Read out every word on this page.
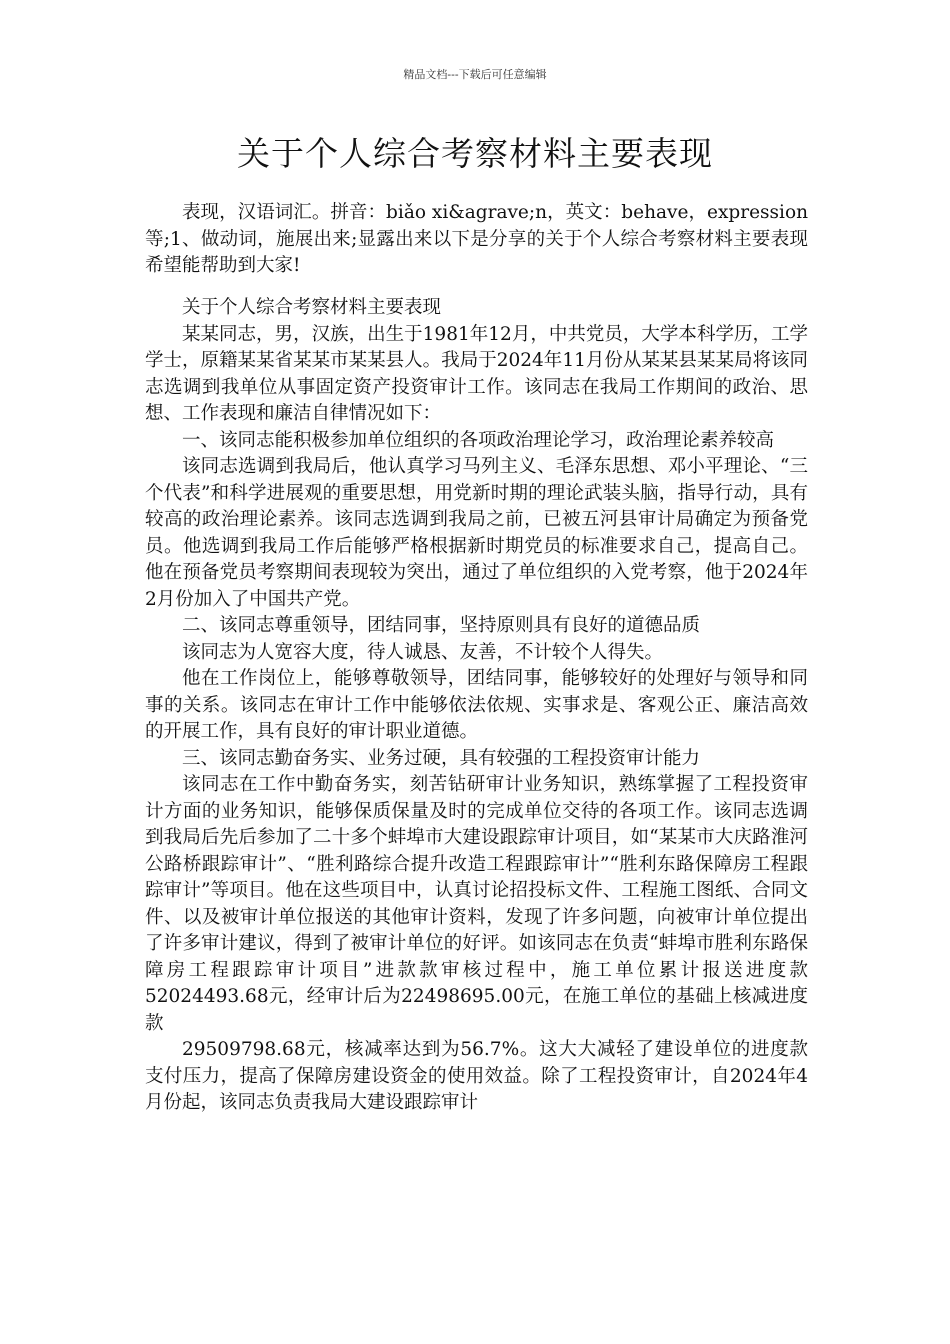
精品文档---下载后可任意编辑
关于个人综合考察材料主要表现

表现，汉语词汇。拼音：biǎo xi&agrave;n，英文：behave，expression等;1、做动词，施展出来;显露出来以下是分享的关于个人综合考察材料主要表现希望能帮助到大家!

关于个人综合考察材料主要表现

某某同志，男，汉族，出生于1981年12月，中共党员，大学本科学历，工学学士，原籍某某省某某市某某县人。我局于2024年11月份从某某县某某局将该同志选调到我单位从事固定资产投资审计工作。该同志在我局工作期间的政治、思想、工作表现和廉洁自律情况如下：

一、该同志能积极参加单位组织的各项政治理论学习，政治理论素养较高

该同志选调到我局后，他认真学习马列主义、毛泽东思想、邓小平理论、“三个代表”和科学进展观的重要思想，用党新时期的理论武装头脑，指导行动，具有较高的政治理论素养。该同志选调到我局之前，已被五河县审计局确定为预备党员。他选调到我局工作后能够严格根据新时期党员的标准要求自己，提高自己。他在预备党员考察期间表现较为突出，通过了单位组织的入党考察，他于2024年2月份加入了中国共产党。

二、该同志尊重领导，团结同事，坚持原则具有良好的道德品质

该同志为人宽容大度，待人诚恳、友善，不计较个人得失。

他在工作岗位上，能够尊敬领导，团结同事，能够较好的处理好与领导和同事的关系。该同志在审计工作中能够依法依规、实事求是、客观公正、廉洁高效的开展工作，具有良好的审计职业道德。

三、该同志勤奋务实、业务过硬，具有较强的工程投资审计能力

该同志在工作中勤奋务实，刻苦钻研审计业务知识，熟练掌握了工程投资审计方面的业务知识，能够保质保量及时的完成单位交待的各项工作。该同志选调到我局后先后参加了二十多个蚌埠市大建设跟踪审计项目，如“某某市大庆路淮河公路桥跟踪审计”、“胜利路综合提升改造工程跟踪审计”“胜利东路保障房工程跟踪审计”等项目。他在这些项目中，认真讨论招投标文件、工程施工图纸、合同文件、以及被审计单位报送的其他审计资料，发现了许多问题，向被审计单位提出了许多审计建议，得到了被审计单位的好评。如该同志在负责“蚌埠市胜利东路保障房工程跟踪审计项目”进款款审核过程中，施工单位累计报送进度款52024493.68元，经审计后为22498695.00元，在施工单位的基础上核减进度款

29509798.68元，核减率达到为56.7%。这大大减轻了建设单位的进度款支付压力，提高了保障房建设资金的使用效益。除了工程投资审计，自2024年4月份起，该同志负责我局大建设跟踪审计
